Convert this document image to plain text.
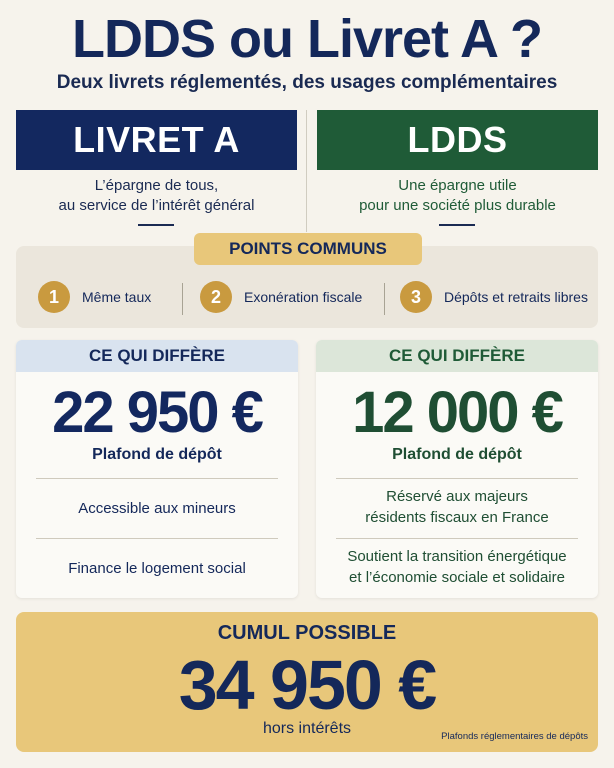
LDDS ou Livret A ?
Deux livrets réglementés, des usages complémentaires
LIVRET A	LDDS
L’épargne de tous,
au service de l’intérêt général
Une épargne utile
pour une société plus durable
POINTS COMMUNS
1	Même taux	2	Exonération fiscale	3	Dépôts et retraits libres
CE QUI DIFFÈRE
22 950 €
Plafond de dépôt
Accessible aux mineurs
Finance le logement social
CE QUI DIFFÈRE
12 000 €
Plafond de dépôt
Réservé aux majeurs
résidents fiscaux en France
Soutient la transition énergétique
et l’économie sociale et solidaire
CUMUL POSSIBLE
34 950 €
hors intérêts	Plafonds réglementaires de dépôts
